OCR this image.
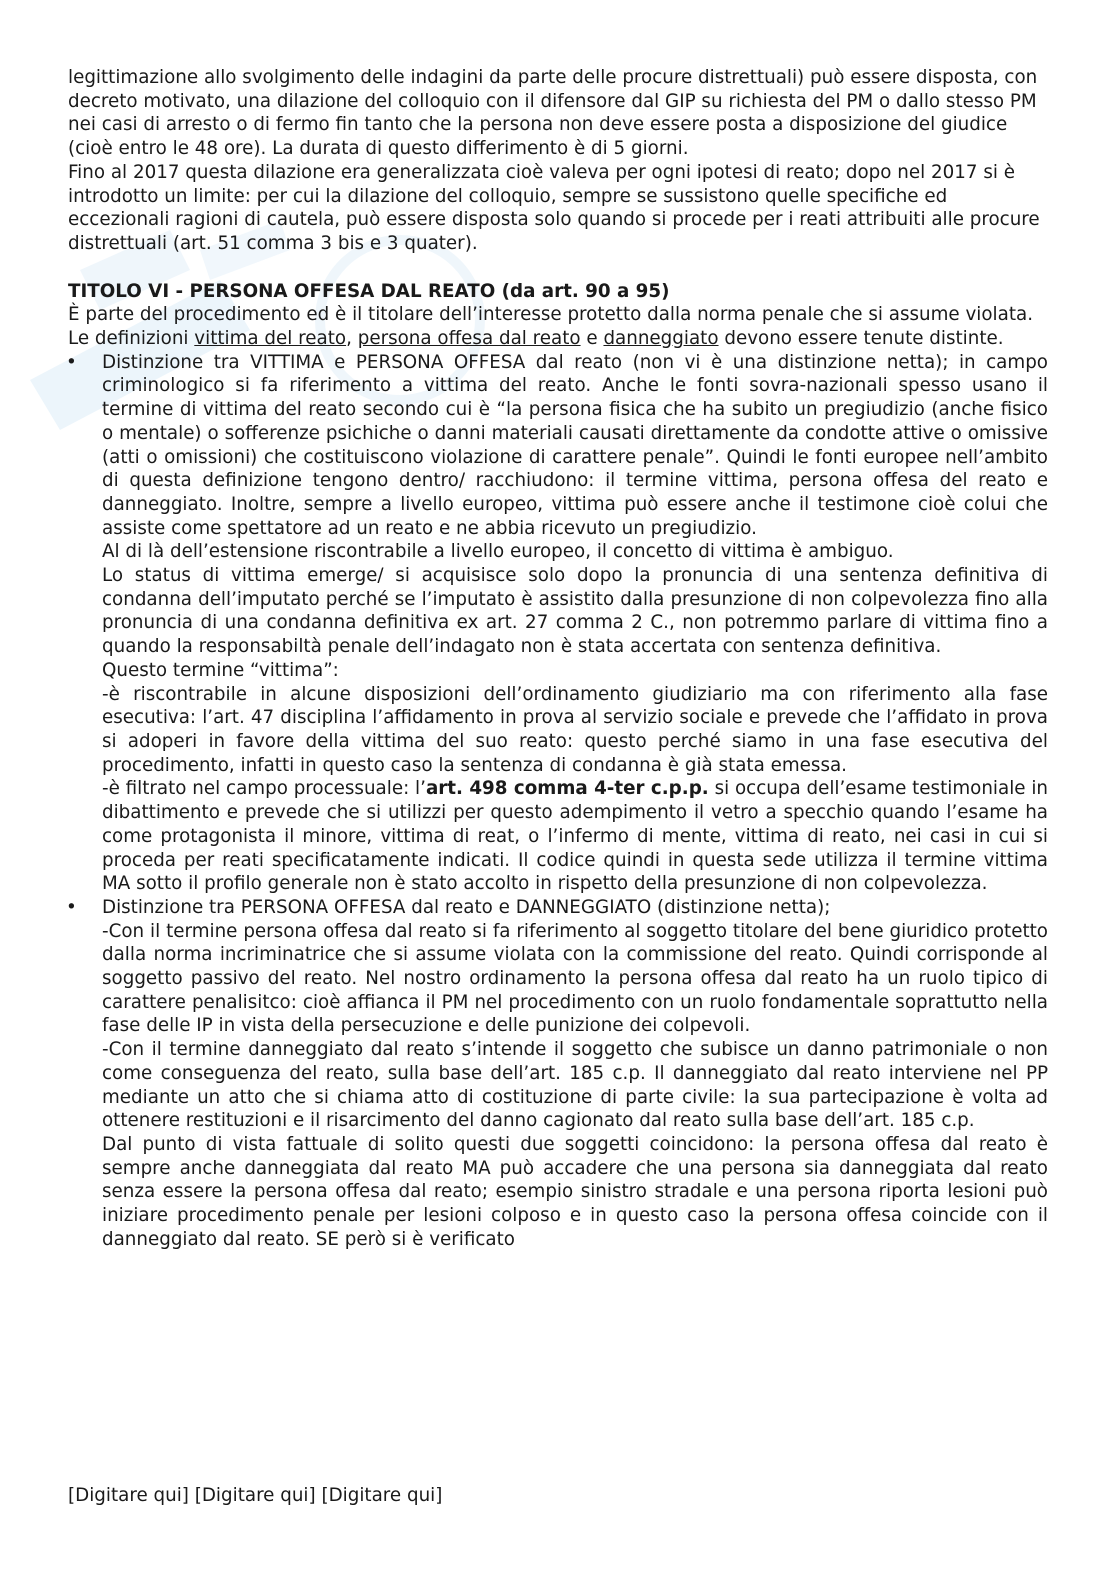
legittimazione allo svolgimento delle indagini da parte delle procure distrettuali) può essere disposta, con decreto motivato, una dilazione del colloquio con il difensore dal GIP su richiesta del PM o dallo stesso PM nei casi di arresto o di fermo fin tanto che la persona non deve essere posta a disposizione del giudice (cioè entro le 48 ore). La durata di questo differimento è di 5 giorni.

Fino al 2017 questa dilazione era generalizzata cioè valeva per ogni ipotesi di reato; dopo nel 2017 si è introdotto un limite: per cui la dilazione del colloquio, sempre se sussistono quelle specifiche ed eccezionali ragioni di cautela, può essere disposta solo quando si procede per i reati attribuiti alle procure distrettuali (art. 51 comma 3 bis e 3 quater).

TITOLO VI - PERSONA OFFESA DAL REATO (da art. 90 a 95)

È parte del procedimento ed è il titolare dell’interesse protetto dalla norma penale che si assume violata.

Le definizioni vittima del reato, persona offesa dal reato e danneggiato devono essere tenute distinte.

• Distinzione tra VITTIMA e PERSONA OFFESA dal reato (non vi è una distinzione netta); in campo criminologico si fa riferimento a vittima del reato. Anche le fonti sovra-nazionali spesso usano il termine di vittima del reato secondo cui è “la persona fisica che ha subito un pregiudizio (anche fisico o mentale) o sofferenze psichiche o danni materiali causati direttamente da condotte attive o omissive (atti o omissioni) che costituiscono violazione di carattere penale”. Quindi le fonti europee nell’ambito di questa definizione tengono dentro/ racchiudono: il termine vittima, persona offesa del reato e danneggiato. Inoltre, sempre a livello europeo, vittima può essere anche il testimone cioè colui che assiste come spettatore ad un reato e ne abbia ricevuto un pregiudizio.

Al di là dell’estensione riscontrabile a livello europeo, il concetto di vittima è ambiguo.

Lo status di vittima emerge/ si acquisisce solo dopo la pronuncia di una sentenza definitiva di condanna dell’imputato perché se l’imputato è assistito dalla presunzione di non colpevolezza fino alla pronuncia di una condanna definitiva ex art. 27 comma 2 C., non potremmo parlare di vittima fino a quando la responsabiltà penale dell’indagato non è stata accertata con sentenza definitiva.

Questo termine “vittima”:

-è riscontrabile in alcune disposizioni dell’ordinamento giudiziario ma con riferimento alla fase esecutiva: l’art. 47 disciplina l’affidamento in prova al servizio sociale e prevede che l’affidato in prova si adoperi in favore della vittima del suo reato: questo perché siamo in una fase esecutiva del procedimento, infatti in questo caso la sentenza di condanna è già stata emessa.

-è filtrato nel campo processuale: l’art. 498 comma 4-ter c.p.p. si occupa dell’esame testimoniale in dibattimento e prevede che si utilizzi per questo adempimento il vetro a specchio quando l’esame ha come protagonista il minore, vittima di reat, o l’infermo di mente, vittima di reato, nei casi in cui si proceda per reati specificatamente indicati. Il codice quindi in questa sede utilizza il termine vittima MA sotto il profilo generale non è stato accolto in rispetto della presunzione di non colpevolezza.

• Distinzione tra PERSONA OFFESA dal reato e DANNEGGIATO (distinzione netta);

-Con il termine persona offesa dal reato si fa riferimento al soggetto titolare del bene giuridico protetto dalla norma incriminatrice che si assume violata con la commissione del reato. Quindi corrisponde al soggetto passivo del reato. Nel nostro ordinamento la persona offesa dal reato ha un ruolo tipico di carattere penalisitco: cioè affianca il PM nel procedimento con un ruolo fondamentale soprattutto nella fase delle IP in vista della persecuzione e delle punizione dei colpevoli.

-Con il termine danneggiato dal reato s’intende il soggetto che subisce un danno patrimoniale o non come conseguenza del reato, sulla base dell’art. 185 c.p. Il danneggiato dal reato interviene nel PP mediante un atto che si chiama atto di costituzione di parte civile: la sua partecipazione è volta ad ottenere restituzioni e il risarcimento del danno cagionato dal reato sulla base dell’art. 185 c.p.

Dal punto di vista fattuale di solito questi due soggetti coincidono: la persona offesa dal reato è sempre anche danneggiata dal reato MA può accadere che una persona sia danneggiata dal reato senza essere la persona offesa dal reato; esempio sinistro stradale e una persona riporta lesioni può iniziare procedimento penale per lesioni colposo e in questo caso la persona offesa coincide con il danneggiato dal reato. SE però si è verificato

[Digitare qui] [Digitare qui] [Digitare qui]
